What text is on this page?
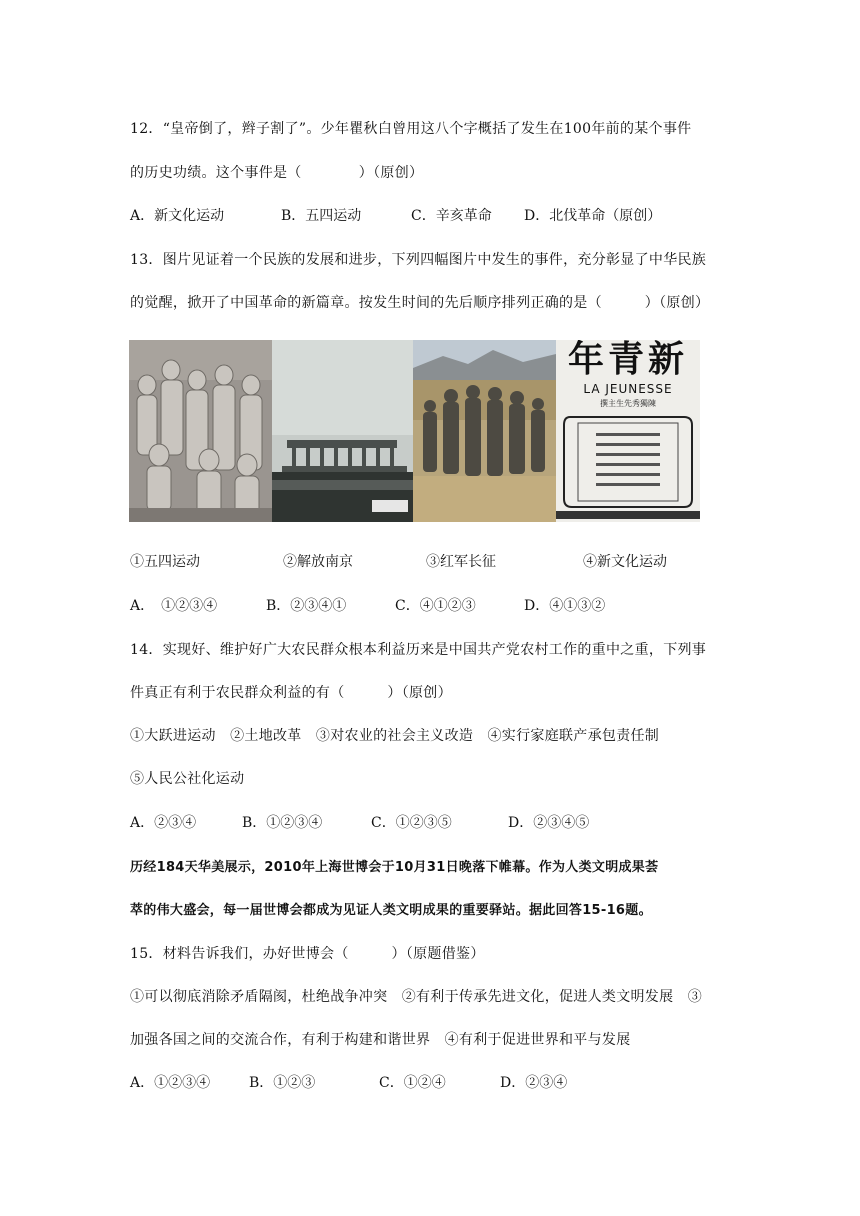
12．“皇帝倒了，辫子割了”。少年瞿秋白曾用这八个字概括了发生在100年前的某个事件
的历史功绩。这个事件是（　　　　）（原创）
A．新文化运动	B．五四运动	C．辛亥革命 D．北伐革命（原创）
13．图片见证着一个民族的发展和进步，下列四幅图片中发生的事件，充分彰显了中华民族
的觉醒，掀开了中国革命的新篇章。按发生时间的先后顺序排列正确的是（　　　）（原创）
年青新
LA JEUNESSE
撰主生先秀獨陳
①五四运动	②解放南京	③红军长征	④新文化运动
A．　①②③④	B．②③④①	C．④①②③	D．④①③②
14．实现好、维护好广大农民群众根本利益历来是中国共产党农村工作的重中之重，下列事
件真正有利于农民群众利益的有（　　　）（原创）
①大跃进运动　②土地改革　③对农业的社会主义改造　④实行家庭联产承包责任制
⑤人民公社化运动
A．②③④	B．①②③④	C．①②③⑤	D．②③④⑤
历经184天华美展示，2010年上海世博会于10月31日晚落下帷幕。作为人类文明成果荟
萃的伟大盛会，每一届世博会都成为见证人类文明成果的重要驿站。据此回答15-16题。
15．材料告诉我们，办好世博会（　　　）（原题借鉴）
①可以彻底消除矛盾隔阂，杜绝战争冲突　②有利于传承先进文化，促进人类文明发展　③
加强各国之间的交流合作，有利于构建和谐世界　④有利于促进世界和平与发展
A．①②③④	B．①②③	C．①②④	D．②③④
